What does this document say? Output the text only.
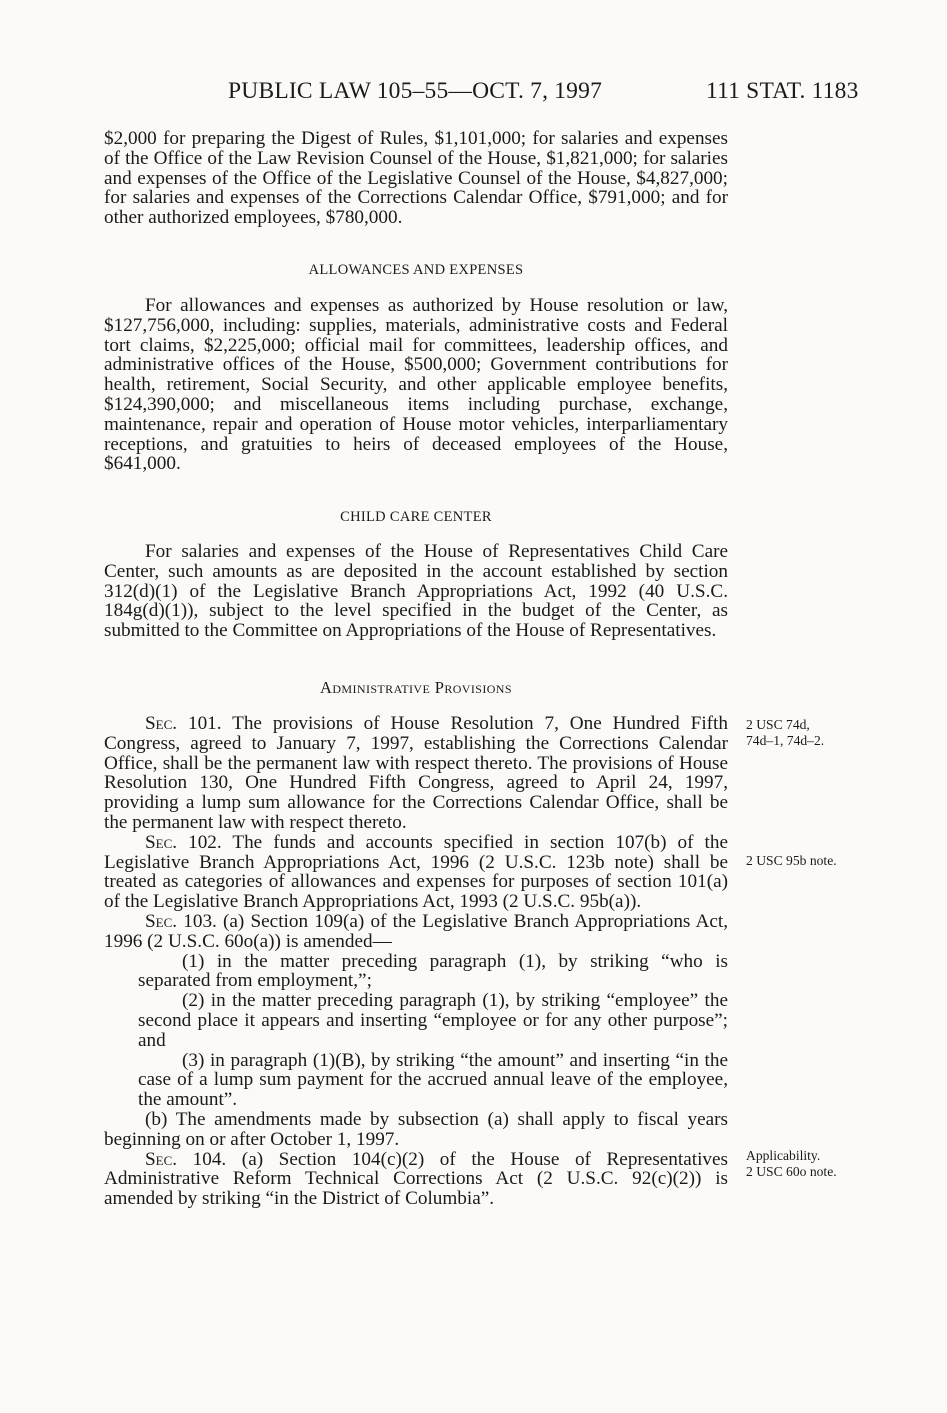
PUBLIC LAW 105–55—OCT. 7, 1997	111 STAT. 1183

$2,000 for preparing the Digest of Rules, $1,101,000; for salaries and expenses of the Office of the Law Revision Counsel of the House, $1,821,000; for salaries and expenses of the Office of the Legislative Counsel of the House, $4,827,000; for salaries and expenses of the Corrections Calendar Office, $791,000; and for other authorized employees, $780,000.

ALLOWANCES AND EXPENSES

For allowances and expenses as authorized by House resolution or law, $127,756,000, including: supplies, materials, administrative costs and Federal tort claims, $2,225,000; official mail for committees, leadership offices, and administrative offices of the House, $500,000; Government contributions for health, retirement, Social Security, and other applicable employee benefits, $124,390,000; and miscellaneous items including purchase, exchange, maintenance, repair and operation of House motor vehicles, interparliamentary receptions, and gratuities to heirs of deceased employees of the House, $641,000.

CHILD CARE CENTER

For salaries and expenses of the House of Representatives Child Care Center, such amounts as are deposited in the account established by section 312(d)(1) of the Legislative Branch Appropriations Act, 1992 (40 U.S.C. 184g(d)(1)), subject to the level specified in the budget of the Center, as submitted to the Committee on Appropriations of the House of Representatives.

Administrative Provisions

Sec. 101. The provisions of House Resolution 7, One Hundred Fifth Congress, agreed to January 7, 1997, establishing the Corrections Calendar Office, shall be the permanent law with respect thereto. The provisions of House Resolution 130, One Hundred Fifth Congress, agreed to April 24, 1997, providing a lump sum allowance for the Corrections Calendar Office, shall be the permanent law with respect thereto.

Sec. 102. The funds and accounts specified in section 107(b) of the Legislative Branch Appropriations Act, 1996 (2 U.S.C. 123b note) shall be treated as categories of allowances and expenses for purposes of section 101(a) of the Legislative Branch Appropriations Act, 1993 (2 U.S.C. 95b(a)).

Sec. 103. (a) Section 109(a) of the Legislative Branch Appropriations Act, 1996 (2 U.S.C. 60o(a)) is amended—

(1) in the matter preceding paragraph (1), by striking “who is separated from employment,”;

(2) in the matter preceding paragraph (1), by striking “employee” the second place it appears and inserting “employee or for any other purpose”; and

(3) in paragraph (1)(B), by striking “the amount” and inserting “in the case of a lump sum payment for the accrued annual leave of the employee, the amount”.

(b) The amendments made by subsection (a) shall apply to fiscal years beginning on or after October 1, 1997.

Sec. 104. (a) Section 104(c)(2) of the House of Representatives Administrative Reform Technical Corrections Act (2 U.S.C. 92(c)(2)) is amended by striking “in the District of Columbia”.

2 USC 74d,
74d–1, 74d–2.
2 USC 95b note.
Applicability.
2 USC 60o note.
